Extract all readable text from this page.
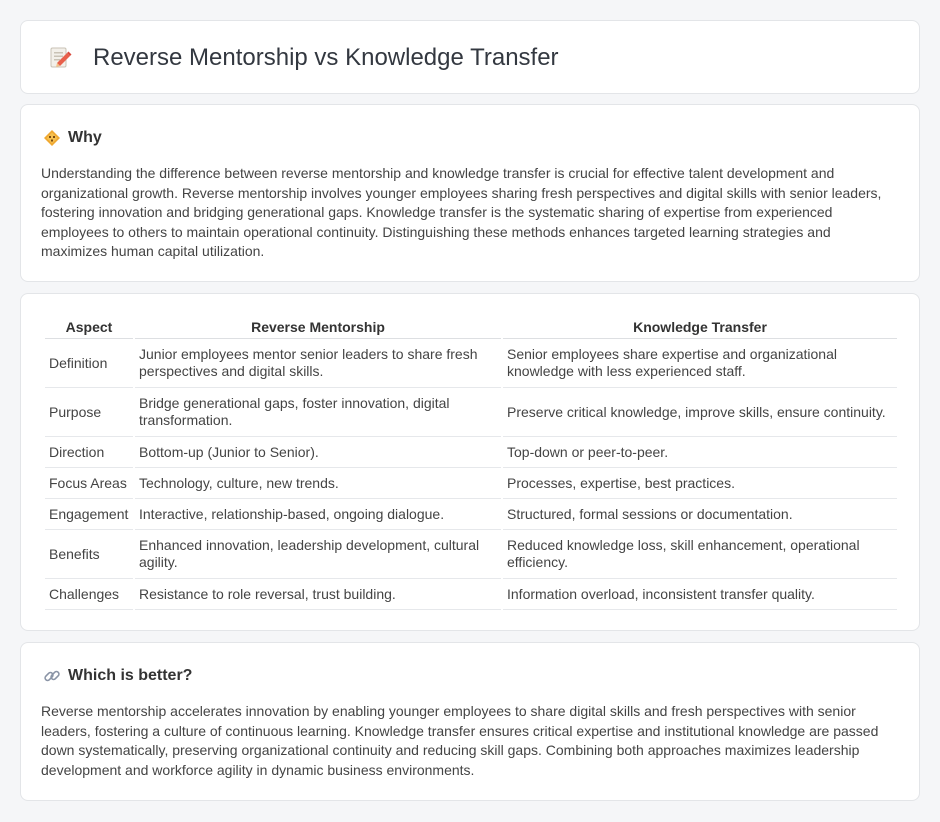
Reverse Mentorship vs Knowledge Transfer
Why

Understanding the difference between reverse mentorship and knowledge transfer is crucial for effective talent development and organizational growth. Reverse mentorship involves younger employees sharing fresh perspectives and digital skills with senior leaders, fostering innovation and bridging generational gaps. Knowledge transfer is the systematic sharing of expertise from experienced employees to others to maintain operational continuity. Distinguishing these methods enhances targeted learning strategies and maximizes human capital utilization.

Aspect	Reverse Mentorship	Knowledge Transfer
Definition	Junior employees mentor senior leaders to share fresh perspectives and digital skills.	Senior employees share expertise and organizational knowledge with less experienced staff.
Purpose	Bridge generational gaps, foster innovation, digital transformation.	Preserve critical knowledge, improve skills, ensure continuity.
Direction	Bottom-up (Junior to Senior).	Top-down or peer-to-peer.
Focus Areas	Technology, culture, new trends.	Processes, expertise, best practices.
Engagement	Interactive, relationship-based, ongoing dialogue.	Structured, formal sessions or documentation.
Benefits	Enhanced innovation, leadership development, cultural agility.	Reduced knowledge loss, skill enhancement, operational efficiency.
Challenges	Resistance to role reversal, trust building.	Information overload, inconsistent transfer quality.
Which is better?

Reverse mentorship accelerates innovation by enabling younger employees to share digital skills and fresh perspectives with senior leaders, fostering a culture of continuous learning. Knowledge transfer ensures critical expertise and institutional knowledge are passed down systematically, preserving organizational continuity and reducing skill gaps. Combining both approaches maximizes leadership development and workforce agility in dynamic business environments.
